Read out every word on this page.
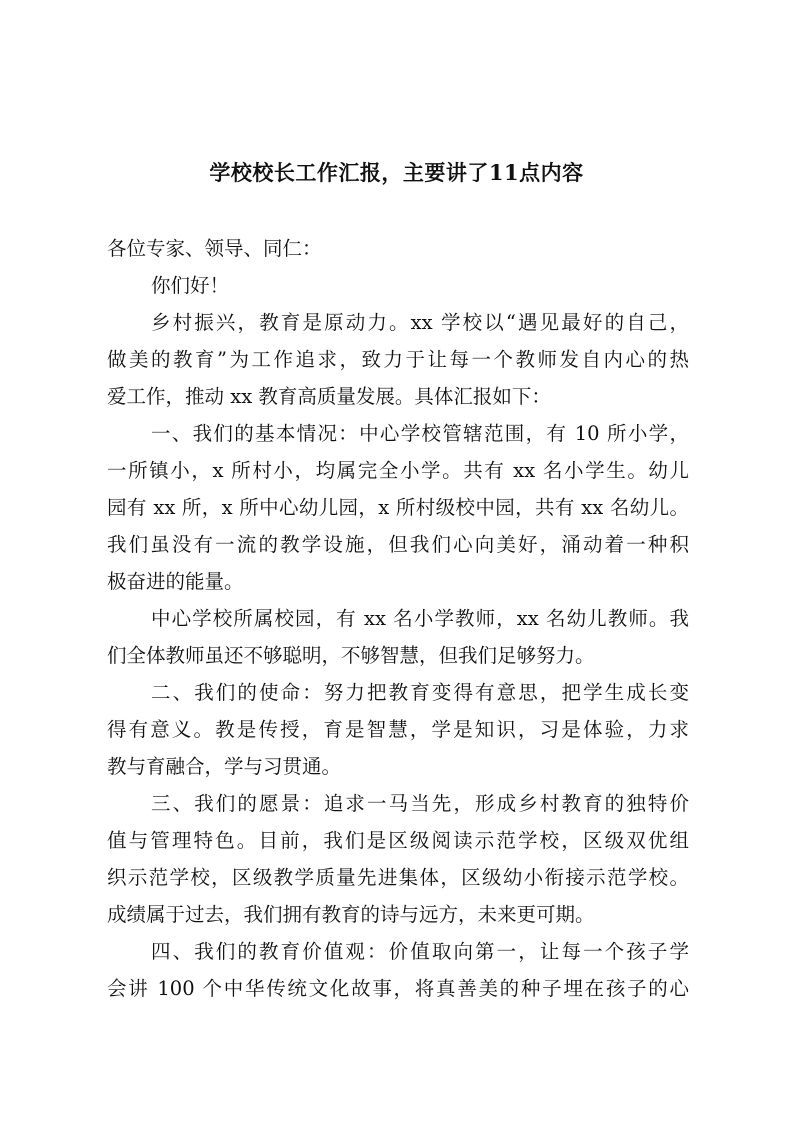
学校校长工作汇报，主要讲了11点内容
各位专家、领导、同仁：
你们好！
乡村振兴，教育是原动力。xx 学校以“遇见最好的自己，
做美的教育”为工作追求，致力于让每一个教师发自内心的热
爱工作，推动 xx 教育高质量发展。具体汇报如下：
一、我们的基本情况：中心学校管辖范围，有 10 所小学，
一所镇小，x 所村小，均属完全小学。共有 xx 名小学生。幼儿
园有 xx 所，x 所中心幼儿园，x 所村级校中园，共有 xx 名幼儿。
我们虽没有一流的教学设施，但我们心向美好，涌动着一种积
极奋进的能量。
中心学校所属校园，有 xx 名小学教师，xx 名幼儿教师。我
们全体教师虽还不够聪明，不够智慧，但我们足够努力。
二、我们的使命：努力把教育变得有意思，把学生成长变
得有意义。教是传授，育是智慧，学是知识，习是体验，力求
教与育融合，学与习贯通。
三、我们的愿景：追求一马当先，形成乡村教育的独特价
值与管理特色。目前，我们是区级阅读示范学校，区级双优组
织示范学校，区级教学质量先进集体，区级幼小衔接示范学校。
成绩属于过去，我们拥有教育的诗与远方，未来更可期。
四、我们的教育价值观：价值取向第一，让每一个孩子学
会讲 100 个中华传统文化故事，将真善美的种子埋在孩子的心
